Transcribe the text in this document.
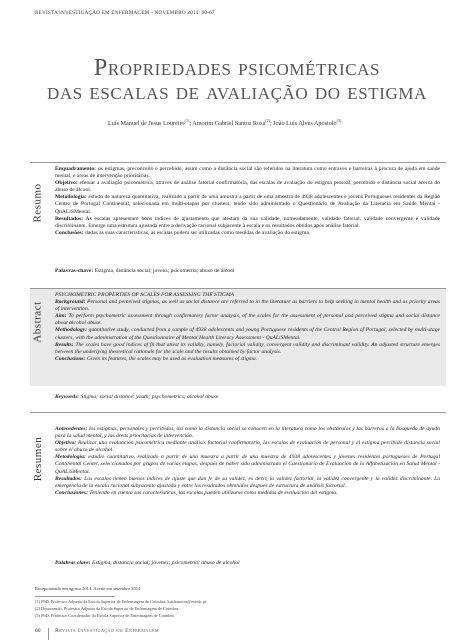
REVISTA INVESTIGAÇÃO EM ENFERMAGEM - NOVEMBRO 2014: 60-67
Propriedades psicométricas
das escalas de avaliação do estigma
Luís Manuel de Jesus Loureiro$^{(1)}$; Amorim Gabriel Santos Rosa$^{(2)}$; João Luís Alves Apostolo$^{(3)}$
Resumo

Enquadramento: os estigmas, preconceito e percebido, assim como a distância social são referidos na literatura como entraves e barreiras à procura de ajuda em saúde mental, e áreas de intervenção prioritárias.

Objetivo: efetuar a avaliação psicométrica, através de análise fatorial confirmatória, das escalas de avaliação do estigma pessoal, percebido e distância social acerca do abuso de álcool.

Metodologia: estudo de natureza quantitativa, realizado a partir de uma amostra a partir de uma amostra de 4938 adolescentes e jovens Portugueses residentes da Região Centro de Portugal Continental, selecionada em multi-etapas por clusters, tendo sido administrado o Questionário de Avaliação da Literacia em Saúde Mental - QuALiSMental.

Resultados: As escalas apresentam bons índices de ajustamento que atestam da sua validade, nomeadamente, validade fatorial, validade convergente e validade discriminante. Emerge uma estrutura ajustada entre a derivação racional subjacente à escala e os resultados obtidos após análise fatorial.

Conclusões: dadas as suas características, as escalas podem ser utilizadas como medidas de avaliação do estigma.

Palavras-chave: Estigma, distância social; jovens; psicometria; abuso de álcool
Abstract

PSYCHOMETRIC PROPERTIES OF SCALES FOR ASSESSING THE STIGMA

Background: Personal and perceived stigmas, as well as social distance are referred to in the literature as barriers to help seeking in mental health and as priority areas of intervention.

Aim: To perform psychometric assessment through confirmatory factor analysis, of the scales for the assessment of personal and perceived stigma and social distance about alcohol abuse.

Methodology: quantitative study, conducted from a sample of 4938 adolescents and young Portuguese residents of the Central Region of Portugal, selected by multi-stage clusters, with the administration of the Questionnaire of Mental Health Literacy Assessment - QuALiSMental.

Results: The scales have good indices of fit that attest its validity, namely, factorial validity, convergent validity and discriminant validity. An adjusted structure emerges between the underlying theoretical rationale for the scale and the results obtained by factor analysis.

Conclusions: Given its features, the scales may be used as evaluation measures of stigma.

Keywords: Stigma; social distance: youth; psychometrics; alcohol abuse
Resumen

Antecedentes: los estigmas, personales y percibidos, así como la distancia social se conocen en la literatura como los obstáculos y las barreras a la búsqueda de ayuda para la salud mental, y las áreas prioritarias de intervención.

Objetivo: Realizar una evaluación psicométrica mediante análisis factorial confirmatorio, las escalas de evaluación de personal y el estigma percibido distancia social sobre el abuso de alcohol.

Metodología: estudio cuantitativo, realizado a partir de una muestra a partir de una muestra de 4938 adolescentes y jóvenes residentes portugueses de Portugal Continental Center, seleccionados por grupos de varias etapas, después de haber sido administrado el Cuestionario de Evaluación de la Alfabetización en Salud Mental - QuALiSMental.

Resultados: Las escalas tienen buenos índices de ajuste que dan fe de su validez, es decir, la validez factorial, la validez convergente y la validez discriminante. La emergencia de la escala racional subyacente ajustada y entre los resultados obtenidos después de estructura de análisis factorial.

Conclusiones: Teniendo en cuenta sus características, las escalas pueden utilizarse como medidas de evaluación del estigma.

Palabras clave: Estigma, distancia social; jóvenes; psicometría; abuso de alcohol
Recepcionado em agosto 2014. Aceite em setembro 2014
(1) PhD, Professor Adjunto da Escola Superior de Enfermagem de Coimbra, luisloureiro@esenfc.pt
(2) Doutorando, Professor Adjunto da Escola Superior de Enfermagem de Coimbra
(3) PhD, Professor Coordenador da Escola Superior de Enfermagem de Coimbra
60	Revista Investigação em Enfermagem
